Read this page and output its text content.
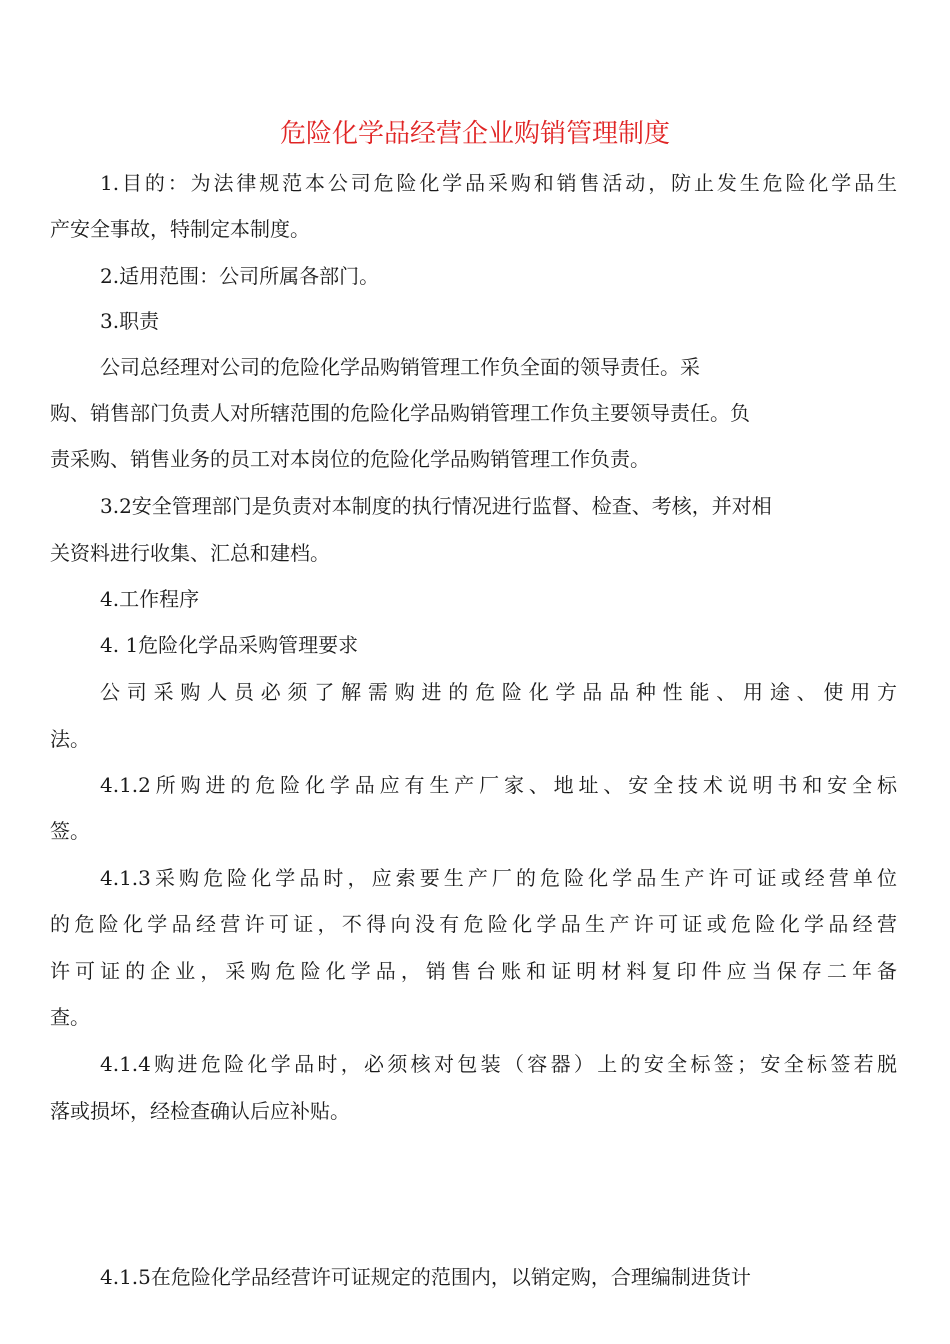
危险化学品经营企业购销管理制度

1.目的：为法律规范本公司危险化学品采购和销售活动，防止发生危险化学品生

产安全事故，特制定本制度。

2.适用范围：公司所属各部门。

3.职责

公司总经理对公司的危险化学品购销管理工作负全面的领导责任。采

购、销售部门负责人对所辖范围的危险化学品购销管理工作负主要领导责任。负

责采购、销售业务的员工对本岗位的危险化学品购销管理工作负责。

3.2安全管理部门是负责对本制度的执行情况进行监督、检查、考核，并对相

关资料进行收集、汇总和建档。

4.工作程序

4. 1危险化学品采购管理要求

公司采购人员必须了解需购进的危险化学品品种性能、用途、使用方

法。

4.1.2所购进的危险化学品应有生产厂家、地址、安全技术说明书和安全标

签。

4.1.3采购危险化学品时，应索要生产厂的危险化学品生产许可证或经营单位

的危险化学品经营许可证，不得向没有危险化学品生产许可证或危险化学品经营

许可证的企业，采购危险化学品，销售台账和证明材料复印件应当保存二年备

查。

4.1.4购进危险化学品时，必须核对包装（容器）上的安全标签；安全标签若脱

落或损坏，经检查确认后应补贴。

4.1.5在危险化学品经营许可证规定的范围内，以销定购，合理编制进货计
